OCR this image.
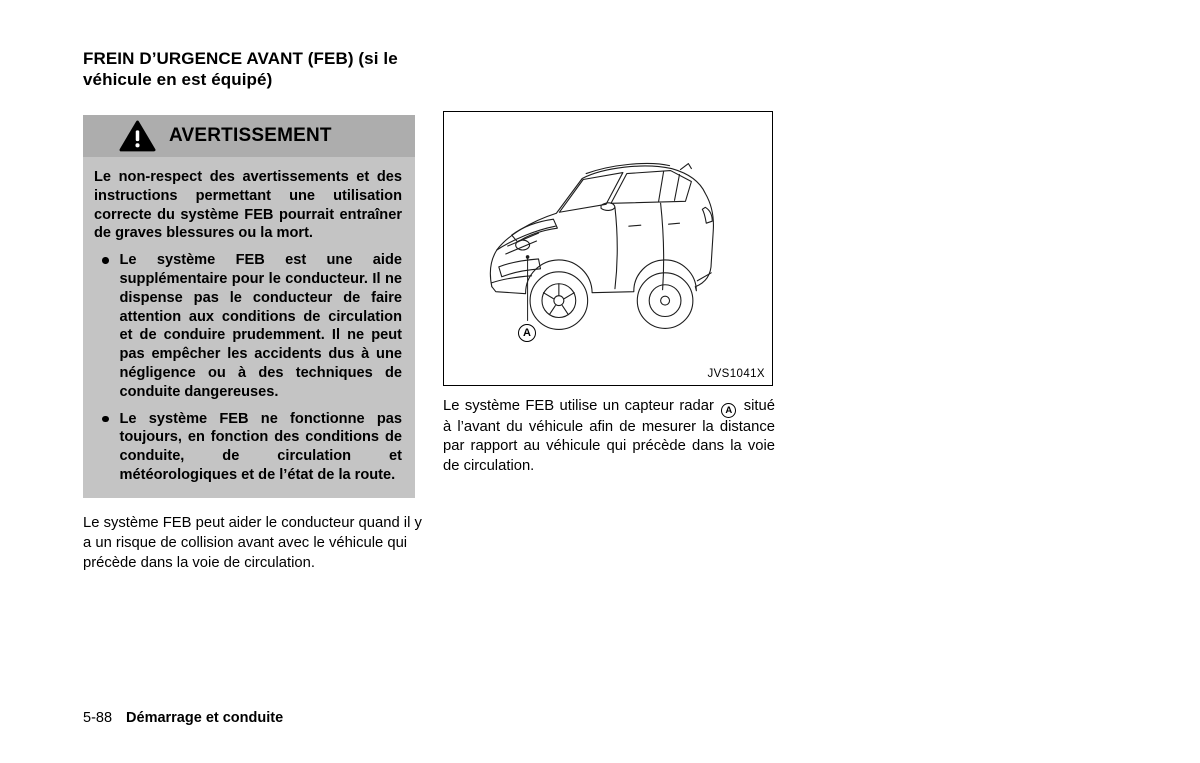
FREIN D’URGENCE AVANT (FEB) (si le véhicule en est équipé)
AVERTISSEMENT
Le non-respect des avertissements et des instructions permettant une utilisation correcte du système FEB pourrait entraîner de graves blessures ou la mort.
Le système FEB est une aide supplémentaire pour le conducteur. Il ne dispense pas le conducteur de faire attention aux conditions de circulation et de conduire prudemment. Il ne peut pas empêcher les accidents dus à une négligence ou à des techniques de conduite dangereuses.
Le système FEB ne fonctionne pas toujours, en fonction des conditions de conduite, de circulation et météorologiques et de l’état de la route.
Le système FEB peut aider le conducteur quand il y a un risque de collision avant avec le véhicule qui précède dans la voie de circulation.
A
JVS1041X
Le système FEB utilise un capteur radar A situé à l’avant du véhicule afin de mesurer la distance par rapport au véhicule qui précède dans la voie de circulation.
5-88 Démarrage et conduite
